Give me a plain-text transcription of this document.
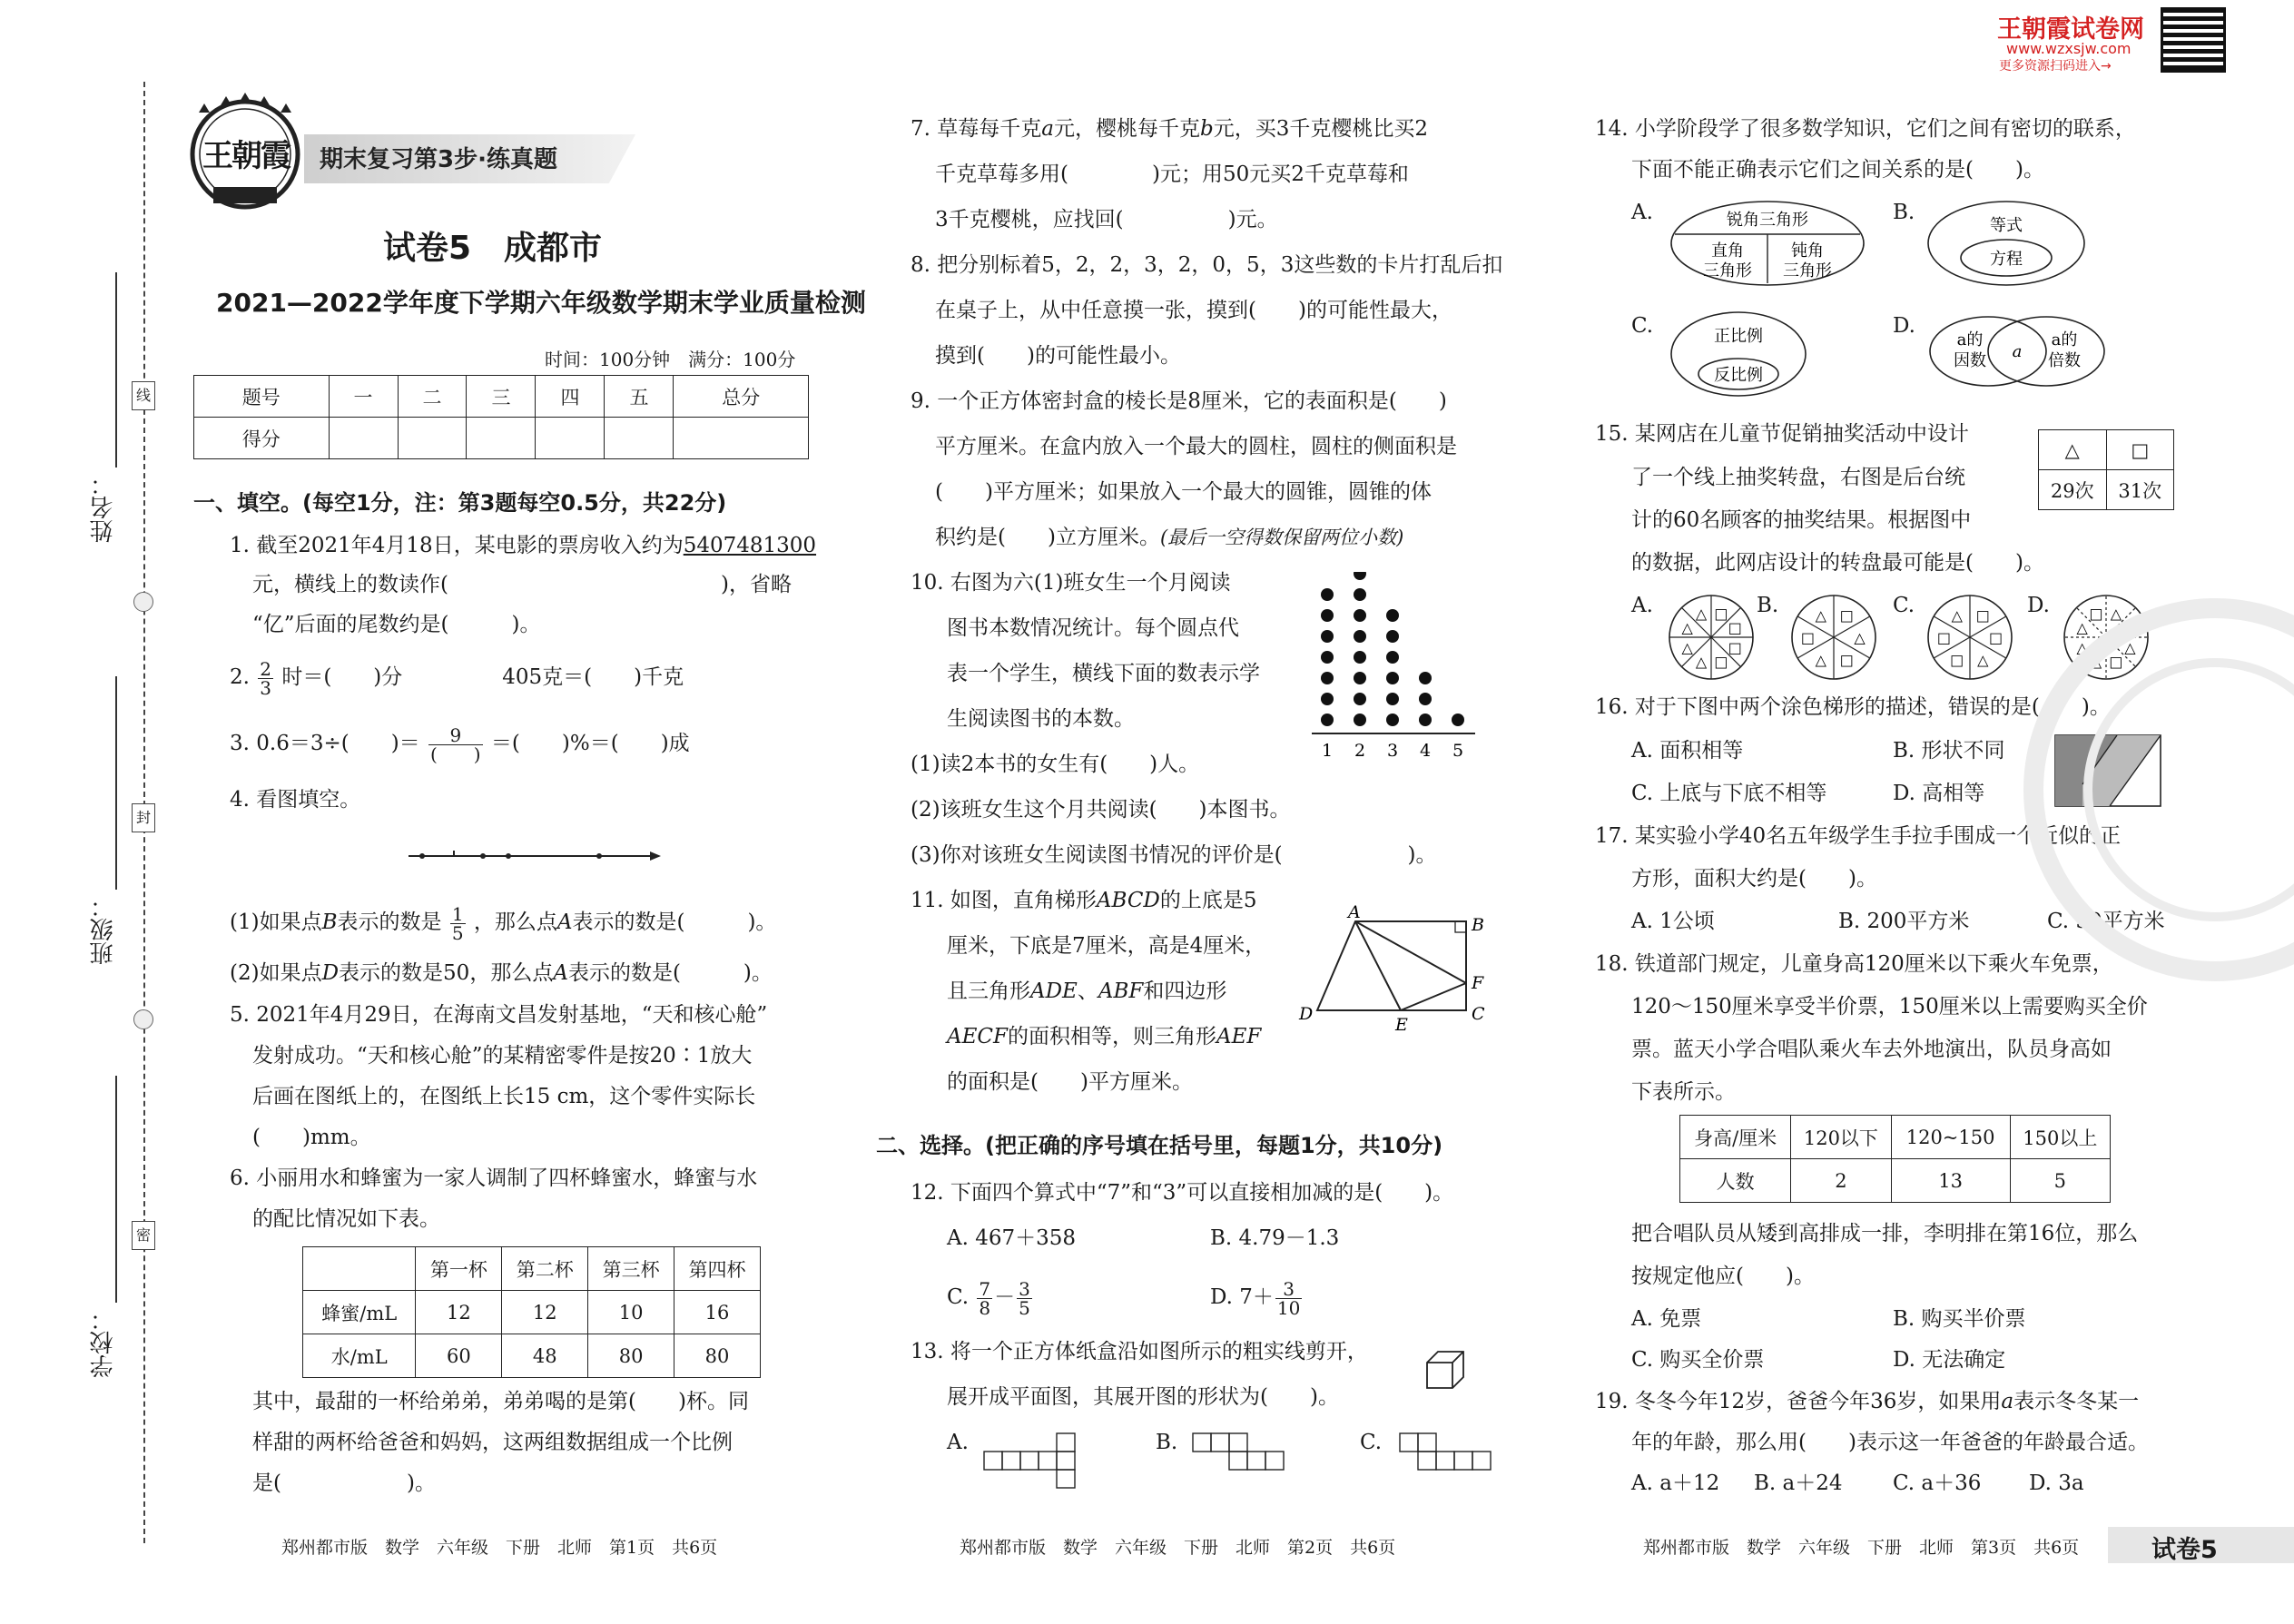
姓名：
班级：
学校：
线
封
密
王朝霞 期末复习第3步·练真题
王朝霞试卷网
www.wzxsjw.com
更多资源扫码进入→
试卷5　成都市
2021—2022学年度下学期六年级数学期末学业质量检测
时间：100分钟　满分：100分
题号	一	二	三	四	五	总分
得分						
一、填空。(每空1分，注：第3题每空0.5分，共22分)
1. 截至2021年4月18日，某电影的票房收入约为5407481300
元，横线上的数读作(	)，省略
“亿”后面的尾数约是(　　　)。
2. $\frac{2}{3}$ 时＝(　　)分	405克＝(　　)千克
3. 0.6＝3÷(　　)＝ $\frac{9}{( )}$ ＝(　　)%＝(　　)成
4. 看图填空。
(1)如果点B表示的数是 $\frac{1}{5}$ ，那么点A表示的数是(　　　)。
(2)如果点D表示的数是50，那么点A表示的数是(　　　)。
5. 2021年4月29日，在海南文昌发射基地，“天和核心舱”
发射成功。“天和核心舱”的某精密零件是按20∶1放大
后画在图纸上的，在图纸上长15 cm，这个零件实际长
(　　)mm。
6. 小丽用水和蜂蜜为一家人调制了四杯蜂蜜水，蜂蜜与水
的配比情况如下表。
	第一杯	第二杯	第三杯	第四杯
蜂蜜/mL	12	12	10	16
水/mL	60	48	80	80
其中，最甜的一杯给弟弟，弟弟喝的是第(　　)杯。同
样甜的两杯给爸爸和妈妈，这两组数据组成一个比例
是(　　　　　　)。
郑州都市版　数学　六年级　下册　北师　第1页　共6页
7. 草莓每千克a元，樱桃每千克b元，买3千克樱桃比买2
千克草莓多用(　　　　)元；用50元买2千克草莓和
3千克樱桃，应找回(　　　　　)元。
8. 把分别标着5，2，2，3，2，0，5，3这些数的卡片打乱后扣
在桌子上，从中任意摸一张，摸到(　　)的可能性最大，
摸到(　　)的可能性最小。
9. 一个正方体密封盒的棱长是8厘米，它的表面积是(　　)
平方厘米。在盒内放入一个最大的圆柱，圆柱的侧面积是
(　　)平方厘米；如果放入一个最大的圆锥，圆锥的体
积约是(　　)立方厘米。(最后一空得数保留两位小数)
10. 右图为六(1)班女生一个月阅读
图书本数情况统计。每个圆点代
表一个学生，横线下面的数表示学
生阅读图书的本数。
1 2 3 4 5
(1)读2本书的女生有(　　)人。
(2)该班女生这个月共阅读(　　)本图书。
(3)你对该班女生阅读图书情况的评价是(　　　　　　)。
11. 如图，直角梯形ABCD的上底是5
厘米，下底是7厘米，高是4厘米，
且三角形ADE、ABF和四边形
AECF的面积相等，则三角形AEF
的面积是(　　)平方厘米。
A
B
F
C
E
D
二、选择。(把正确的序号填在括号里，每题1分，共10分)
12. 下面四个算式中“7”和“3”可以直接相加减的是(　　)。
A. 467＋358	B. 4.79－1.3
C. $\frac{7}{8} - \frac{3}{5}$	D. $7+ \frac{3}{10}$
13. 将一个正方体纸盒沿如图所示的粗实线剪开，
展开成平面图，其展开图的形状为(　　)。
A.	B.	C.
郑州都市版　数学　六年级　下册　北师　第2页　共6页
14. 小学阶段学了很多数学知识，它们之间有密切的联系，
下面不能正确表示它们之间关系的是(　　)。
A.	锐角三角形
直角
三角形
钝角
三角形
B.
等式
方程
C.	正比例
反比例
D.
a的
因数 a
a的
倍数
15. 某网店在儿童节促销抽奖活动中设计
了一个线上抽奖转盘，右图是后台统
计的60名顾客的抽奖结果。根据图中
的数据，此网店设计的转盘最可能是(　　)。
△	□
29次	31次
A.	□
□
□
□
△
△
△
△ B.	□
△
□
△
□
△	C.	□
□
△
□
□
△	D.	△
△
△
□
△
△
△
□
16. 对于下图中两个涂色梯形的描述，错误的是(　　)。
A. 面积相等	B. 形状不同
C. 上底与下底不相等	D. 高相等
17. 某实验小学40名五年级学生手拉手围成一个近似的正
方形，面积大约是(　　)。
A. 1公顷	B. 200平方米	C. 50平方米
18. 铁道部门规定，儿童身高120厘米以下乘火车免票，
120～150厘米享受半价票，150厘米以上需要购买全价
票。蓝天小学合唱队乘火车去外地演出，队员身高如
下表所示。
身高/厘米	120以下	120~150	150以上
人数	2	13	5
把合唱队员从矮到高排成一排，李明排在第16位，那么
按规定他应(　　)。
A. 免票	B. 购买半价票
C. 购买全价票	D. 无法确定
19. 冬冬今年12岁，爸爸今年36岁，如果用a表示冬冬某一
年的年龄，那么用(　　)表示这一年爸爸的年龄最合适。
A. a＋12 B. a＋24 C. a＋36 D. 3a
郑州都市版　数学　六年级　下册　北师　第3页　共6页	试卷5
